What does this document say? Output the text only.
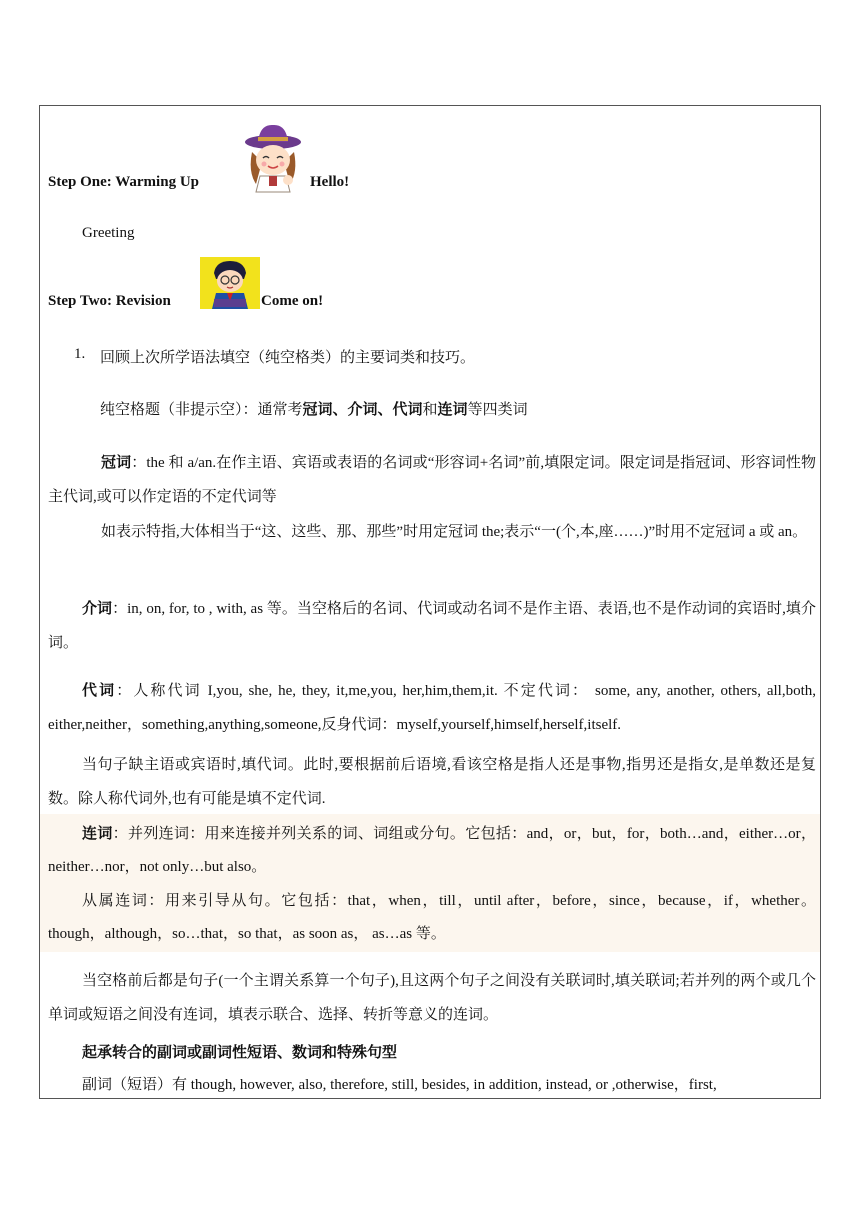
Step One: Warming Up	Hello!
Greeting
Step Two: Revision	Come on!
1. 回顾上次所学语法填空（纯空格类）的主要词类和技巧。
纯空格题（非提示空）：通常考冠词、介词、代词和连词等四类词
冠词：the 和 a/an.在作主语、宾语或表语的名词或“形容词+名词”前,填限定词。限定词是指冠词、形容词性物主代词,或可以作定语的不定代词等
如表示特指,大体相当于“这、这些、那、那些”时用定冠词 the;表示“一(个,本,座……)”时用不定冠词 a 或 an。
介词：in, on, for, to , with, as 等。当空格后的名词、代词或动名词不是作主语、表语,也不是作动词的宾语时,填介词。
代词：人称代词 I,you, she, he, they, it,me,you, her,him,them,it. 不定代词： some, any, another, others, all,both, either,neither，something,anything,someone,反身代词：myself,yourself,himself,herself,itself.
当句子缺主语或宾语时,填代词。此时,要根据前后语境,看该空格是指人还是事物,指男还是指女,是单数还是复数。除人称代词外,也有可能是填不定代词.
连词：并列连词：用来连接并列关系的词、词组或分句。它包括：and，or，but，for，both…and，either…or，neither…nor，not only…but also。
从属连词：用来引导从句。它包括：that，when，till，until after，before，since，because，if，whether。though，although，so…that，so that，as soon as， as…as 等。
当空格前后都是句子(一个主谓关系算一个句子),且这两个句子之间没有关联词时,填关联词;若并列的两个或几个单词或短语之间没有连词，填表示联合、选择、转折等意义的连词。
起承转合的副词或副词性短语、数词和特殊句型
副词（短语）有 though, however, also, therefore, still, besides, in addition, instead, or ,otherwise，first,
